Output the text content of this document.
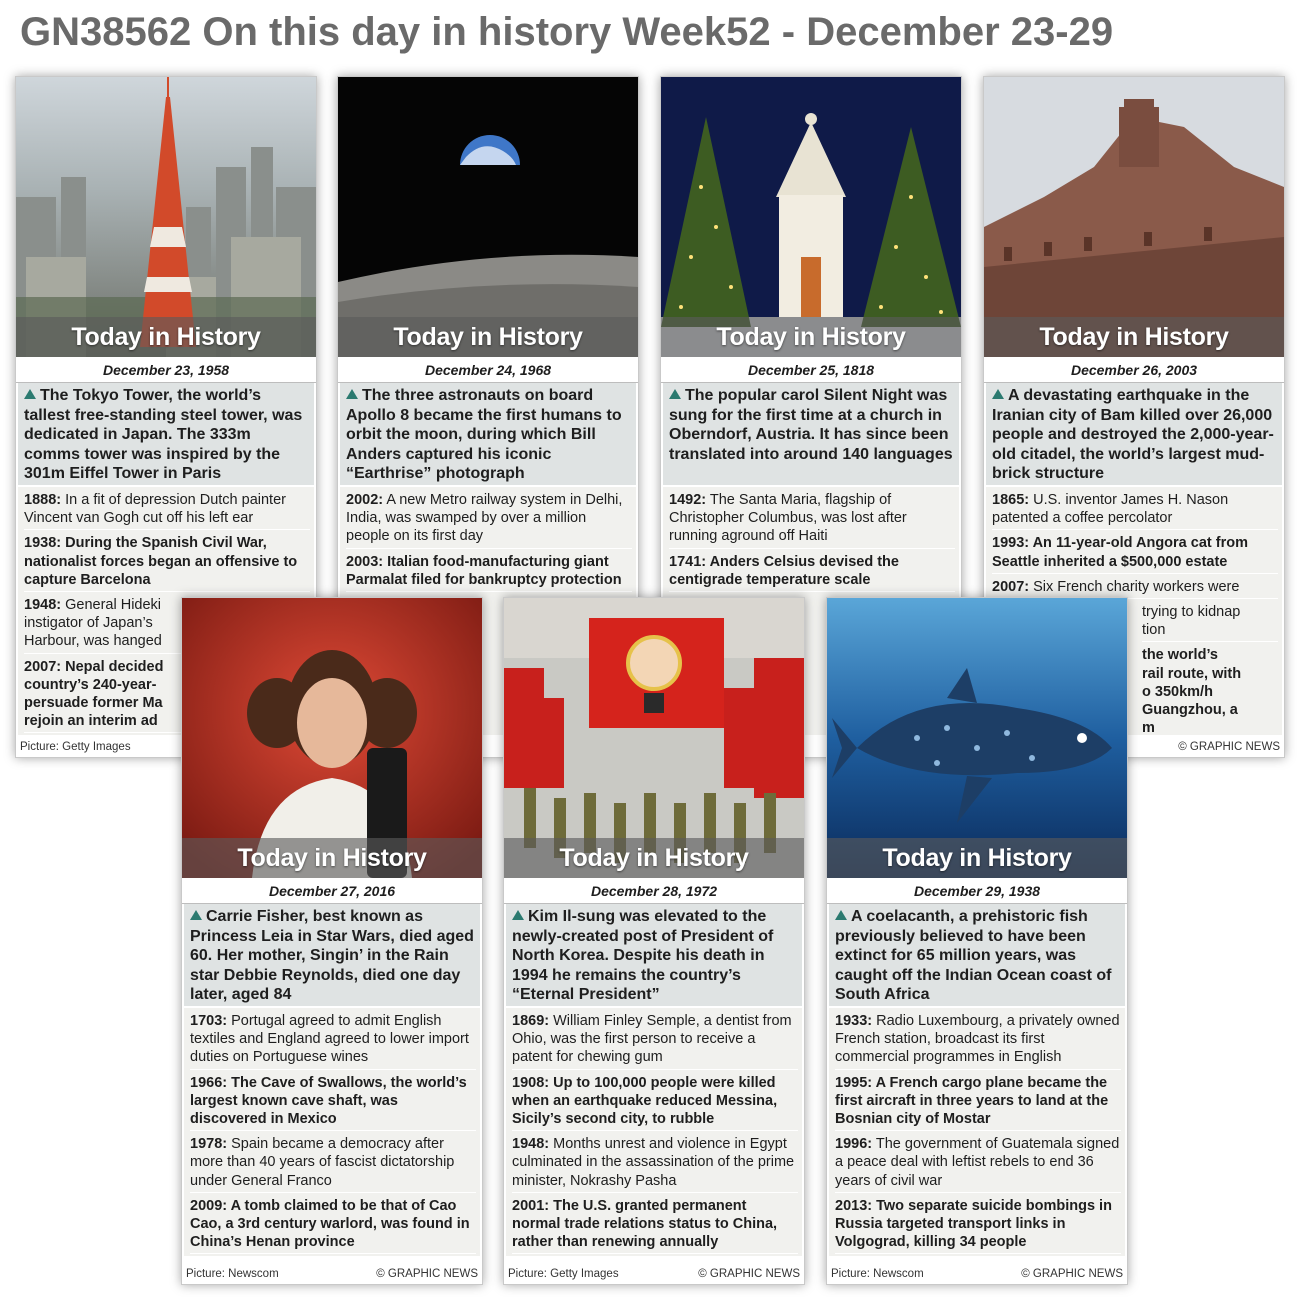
GN38562 On this day in history Week52 - December 23-29
Today in History
December 23, 1958
The Tokyo Tower, the world’s tallest free-standing steel tower, was dedicated in Japan. The 333m comms tower was inspired by the 301m Eiffel Tower in Paris
1888: In a fit of depression Dutch painter Vincent van Gogh cut off his left ear
1938: During the Spanish Civil War, nationalist forces began an offensive to capture Barcelona
1948: General Hideki
instigator of Japan’s
Harbour, was hanged
2007: Nepal decided
country’s 240-year-
persuade former Ma
rejoin an interim ad
Picture: Getty Images
Today in History
December 24, 1968
The three astronauts on board Apollo 8 became the first humans to orbit the moon, during which Bill Anders captured his iconic “Earthrise” photograph
2002: A new Metro railway system in Delhi, India, was swamped by over a million people on its first day
2003: Italian food-manufacturing giant Parmalat filed for bankruptcy protection
Today in History
December 25, 1818
The popular carol Silent Night was sung for the first time at a church in Oberndorf, Austria. It has since been translated into around 140 languages
1492: The Santa Maria, flagship of Christopher Columbus, was lost after running aground off Haiti
1741: Anders Celsius devised the centigrade temperature scale
Today in History
December 26, 2003
A devastating earthquake in the Iranian city of Bam killed over 26,000 people and destroyed the 2,000-year-old citadel, the world’s largest mud-brick structure
1865: U.S. inventor James H. Nason patented a coffee percolator
1993: An 11-year-old Angora cat from Seattle inherited a $500,000 estate
2007: Six French charity workers were
trying to kidnap
tion
the world’s
rail route, with
o 350km/h
Guangzhou, a
m
© GRAPHIC NEWS
Today in History
December 27, 2016
Carrie Fisher, best known as Princess Leia in Star Wars, died aged 60. Her mother, Singin’ in the Rain star Debbie Reynolds, died one day later, aged 84
1703: Portugal agreed to admit English textiles and England agreed to lower import duties on Portuguese wines
1966: The Cave of Swallows, the world’s largest known cave shaft, was discovered in Mexico
1978: Spain became a democracy after more than 40 years of fascist dictatorship under General Franco
2009: A tomb claimed to be that of Cao Cao, a 3rd century warlord, was found in China’s Henan province
Picture: Newscom	© GRAPHIC NEWS
Today in History
December 28, 1972
Kim Il-sung was elevated to the newly-created post of President of North Korea. Despite his death in 1994 he remains the country’s “Eternal President”
1869: William Finley Semple, a dentist from Ohio, was the first person to receive a patent for chewing gum
1908: Up to 100,000 people were killed when an earthquake reduced Messina, Sicily’s second city, to rubble
1948: Months unrest and violence in Egypt culminated in the assassination of the prime minister, Nokrashy Pasha
2001: The U.S. granted permanent normal trade relations status to China, rather than renewing annually
Picture: Getty Images	© GRAPHIC NEWS
Today in History
December 29, 1938
A coelacanth, a prehistoric fish previously believed to have been extinct for 65 million years, was caught off the Indian Ocean coast of South Africa
1933: Radio Luxembourg, a privately owned French station, broadcast its first commercial programmes in English
1995: A French cargo plane became the first aircraft in three years to land at the Bosnian city of Mostar
1996: The government of Guatemala signed a peace deal with leftist rebels to end 36 years of civil war
2013: Two separate suicide bombings in Russia targeted transport links in Volgograd, killing 34 people
Picture: Newscom	© GRAPHIC NEWS
